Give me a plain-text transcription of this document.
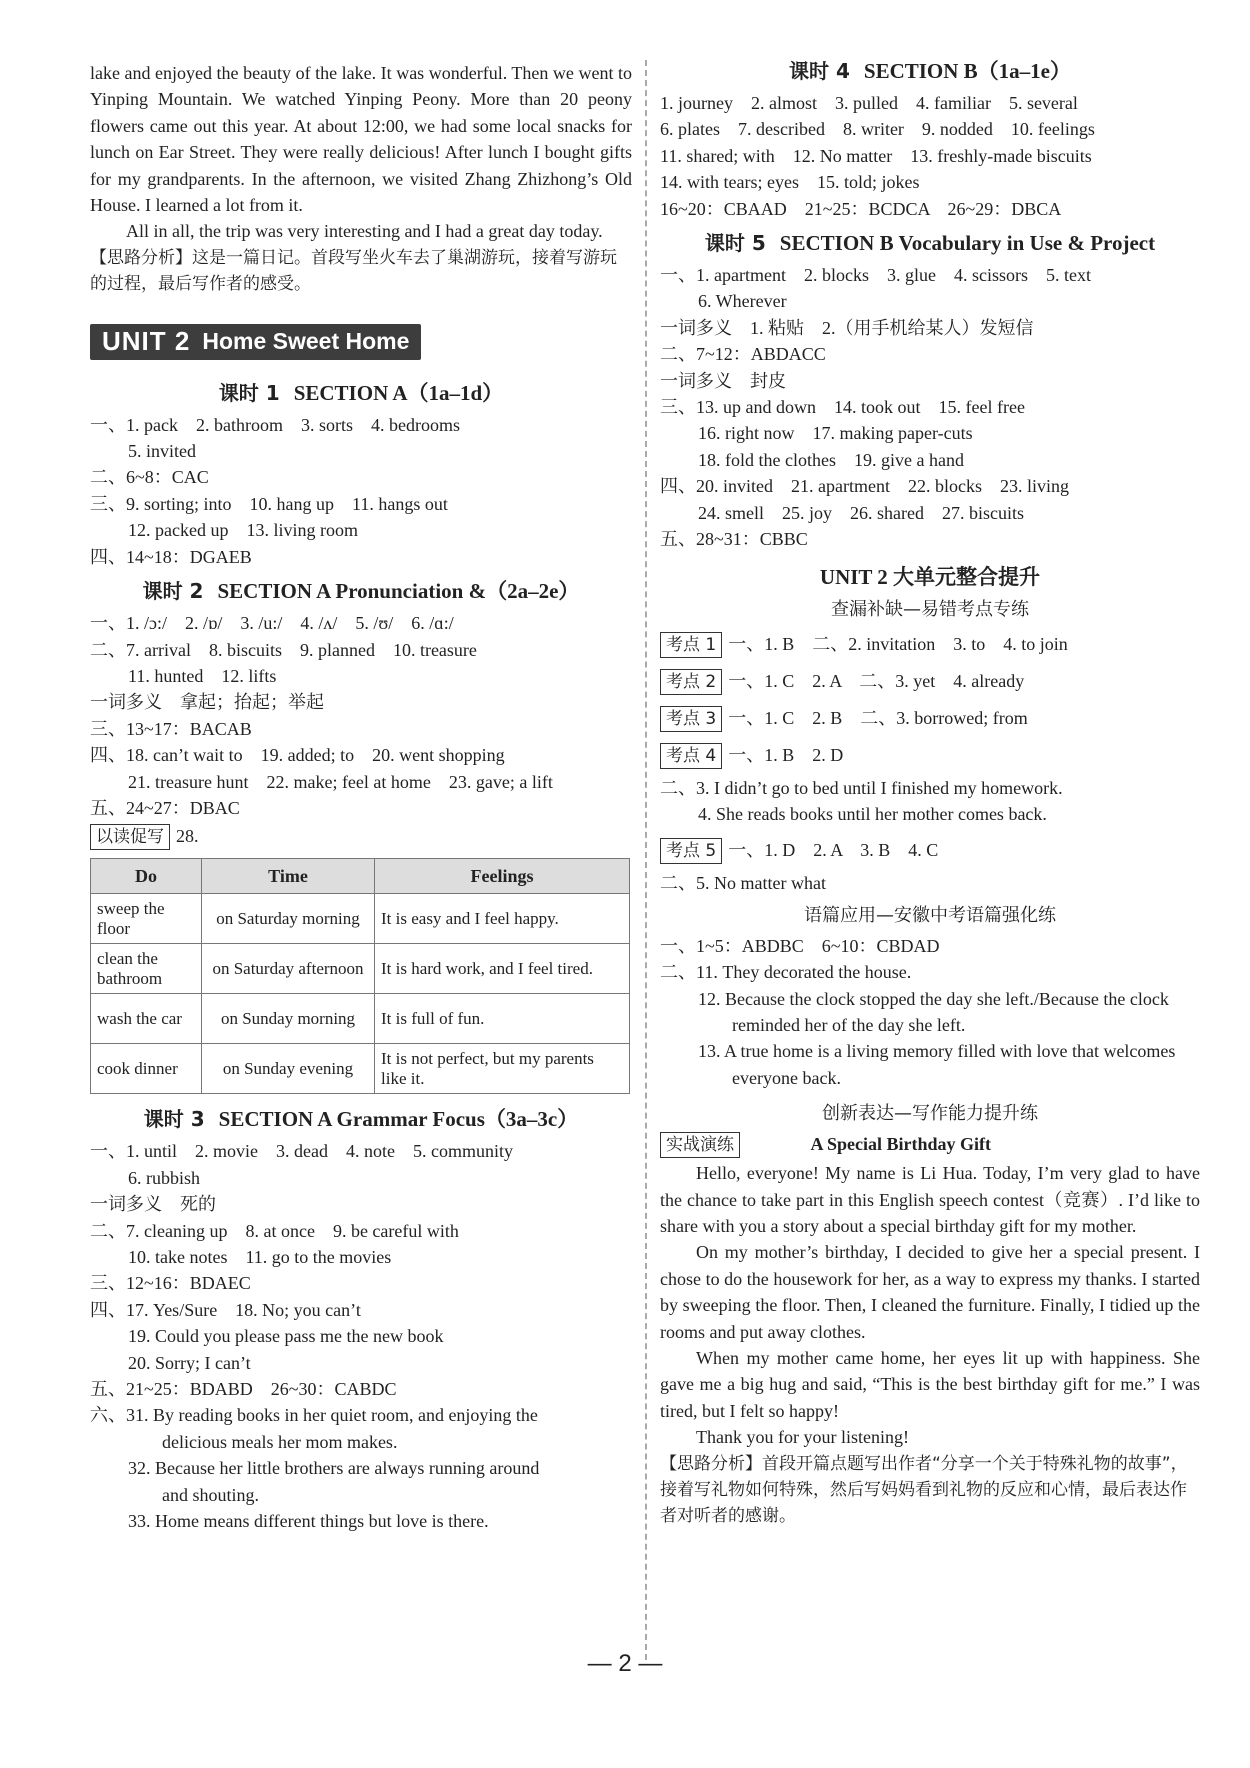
lake and enjoyed the beauty of the lake. It was wonderful. Then we went to Yinping Mountain. We watched Yinping Peony. More than 20 peony flowers came out this year. At about 12:00, we had some local snacks for lunch on Ear Street. They were really delicious! After lunch I bought gifts for my grandparents. In the afternoon, we visited Zhang Zhizhong’s Old House. I learned a lot from it.

All in all, the trip was very interesting and I had a great day today.

【思路分析】这是一篇日记。首段写坐火车去了巢湖游玩，接着写游玩的过程，最后写作者的感受。

UNIT 2 Home Sweet Home
课时 1 SECTION A（1a–1d）
一、1. pack　2. bathroom　3. sorts　4. bedrooms
5. invited
二、6~8：CAC
三、9. sorting; into　10. hang up　11. hangs out
12. packed up　13. living room
四、14~18：DGAEB
课时 2 SECTION A Pronunciation &（2a–2e）
一、1. /ɔ:/　2. /ɒ/　3. /u:/　4. /ʌ/　5. /ʊ/　6. /ɑ:/
二、7. arrival　8. biscuits　9. planned　10. treasure
11. hunted　12. lifts
一词多义　拿起；抬起；举起
三、13~17：BACAB
四、18. can’t wait to　19. added; to　20. went shopping
21. treasure hunt　22. make; feel at home　23. gave; a lift
五、24~27：DBAC
以读促写 28.
Do	Time	Feelings
sweep the floor	on Saturday morning	It is easy and I feel happy.
clean the bathroom	on Saturday afternoon	It is hard work, and I feel tired.
wash the car	on Sunday morning	It is full of fun.
cook dinner	on Sunday evening	It is not perfect, but my parents like it.
课时 3 SECTION A Grammar Focus（3a–3c）
一、1. until　2. movie　3. dead　4. note　5. community
6. rubbish
一词多义　死的
二、7. cleaning up　8. at once　9. be careful with
10. take notes　11. go to the movies
三、12~16：BDAEC
四、17. Yes/Sure　18. No; you can’t
19. Could you please pass me the new book
20. Sorry; I can’t
五、21~25：BDABD　26~30：CABDC
六、31. By reading books in her quiet room, and enjoying the
delicious meals her mom makes.
32. Because her little brothers are always running around
and shouting.
33. Home means different things but love is there.
课时 4 SECTION B（1a–1e）
1. journey　2. almost　3. pulled　4. familiar　5. several
6. plates　7. described　8. writer　9. nodded　10. feelings
11. shared; with　12. No matter　13. freshly-made biscuits
14. with tears; eyes　15. told; jokes
16~20：CBAAD　21~25：BCDCA　26~29：DBCA
课时 5 SECTION B Vocabulary in Use & Project
一、1. apartment　2. blocks　3. glue　4. scissors　5. text
6. Wherever
一词多义　1. 粘贴　2.（用手机给某人）发短信
二、7~12：ABDACC
一词多义　封皮
三、13. up and down　14. took out　15. feel free
16. right now　17. making paper-cuts
18. fold the clothes　19. give a hand
四、20. invited　21. apartment　22. blocks　23. living
24. smell　25. joy　26. shared　27. biscuits
五、28~31：CBBC
UNIT 2 大单元整合提升
查漏补缺—易错考点专练
考点 1 一、1. B　二、2. invitation　3. to　4. to join
考点 2 一、1. C　2. A　二、3. yet　4. already
考点 3 一、1. C　2. B　二、3. borrowed; from
考点 4 一、1. B　2. D
二、3. I didn’t go to bed until I finished my homework.
4. She reads books until her mother comes back.
考点 5 一、1. D　2. A　3. B　4. C
二、5. No matter what
语篇应用—安徽中考语篇强化练
一、1~5：ABDBC　6~10：CBDAD
二、11. They decorated the house.
12. Because the clock stopped the day she left./Because the clock reminded her of the day she left.
13. A true home is a living memory filled with love that welcomes everyone back.
创新表达—写作能力提升练
实战演练	A Special Birthday Gift

Hello, everyone! My name is Li Hua. Today, I’m very glad to have the chance to take part in this English speech contest（竞赛）. I’d like to share with you a story about a special birthday gift for my mother.

On my mother’s birthday, I decided to give her a special present. I chose to do the housework for her, as a way to express my thanks. I started by sweeping the floor. Then, I cleaned the furniture. Finally, I tidied up the rooms and put away clothes.

When my mother came home, her eyes lit up with happiness. She gave me a big hug and said, “This is the best birthday gift for me.” I was tired, but I felt so happy!

Thank you for your listening!

【思路分析】首段开篇点题写出作者“分享一个关于特殊礼物的故事”，接着写礼物如何特殊，然后写妈妈看到礼物的反应和心情，最后表达作者对听者的感谢。

— 2 —
